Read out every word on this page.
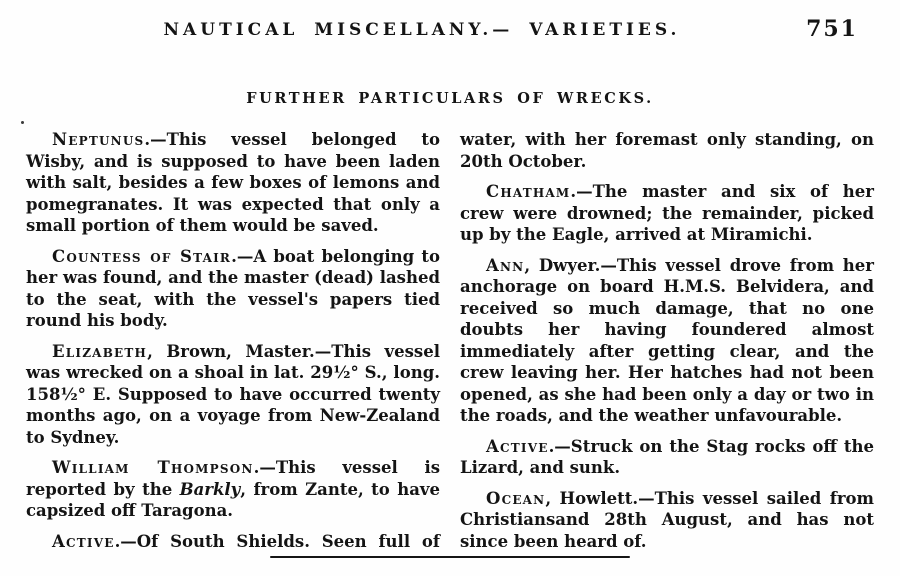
NAUTICAL MISCELLANY.— VARIETIES.	751
FURTHER PARTICULARS OF WRECKS.

Neptunus.—This vessel belonged to Wisby, and is supposed to have been laden with salt, besides a few boxes of lemons and pomegranates. It was expected that only a small portion of them would be saved.

Countess of Stair.—A boat belonging to her was found, and the master (dead) lashed to the seat, with the vessel's papers tied round his body.

Elizabeth, Brown, Master.—This vessel was wrecked on a shoal in lat. 29½° S., long. 158½° E. Supposed to have occurred twenty months ago, on a voyage from New-Zealand to Sydney.

William Thompson.—This vessel is reported by the Barkly, from Zante, to have capsized off Taragona.

Active.—Of South Shields. Seen full of

water, with her foremast only standing, on 20th October.

Chatham.—The master and six of her crew were drowned; the remainder, picked up by the Eagle, arrived at Miramichi.

Ann, Dwyer.—This vessel drove from her anchorage on board H.M.S. Belvidera, and received so much damage, that no one doubts her having foundered almost immediately after getting clear, and the crew leaving her. Her hatches had not been opened, as she had been only a day or two in the roads, and the weather unfavourable.

Active.—Struck on the Stag rocks off the Lizard, and sunk.

Ocean, Howlett.—This vessel sailed from Christiansand 28th August, and has not since been heard of.
